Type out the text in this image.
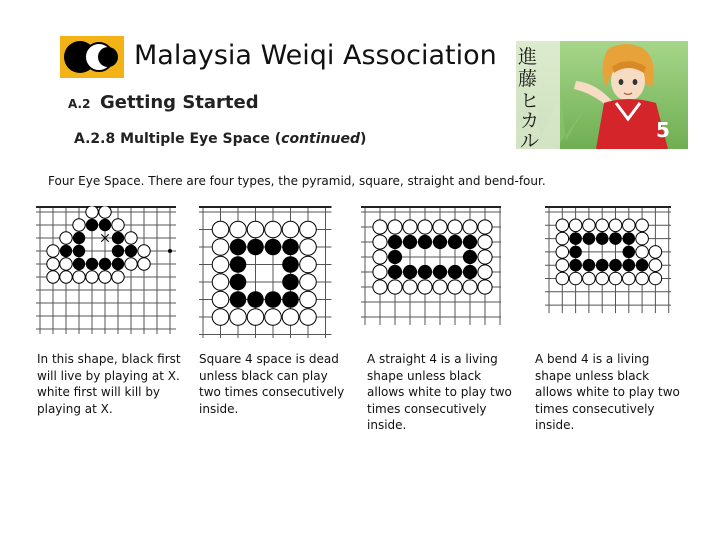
Malaysia Weiqi Association
A.2 Getting Started
A.2.8 Multiple Eye Space (continued)
進
藤
ヒ
カ
ル	5
Four Eye Space. There are four types, the pyramid, square, straight and bend-four.
In this shape, black first will live by playing at X. white first will kill by playing at X.
Square 4 space is dead unless black can play two times consecutively inside.
A straight 4 is a living shape unless black allows white to play two times consecutively inside.
A bend 4 is a living shape unless black allows white to play two times consecutively inside.
